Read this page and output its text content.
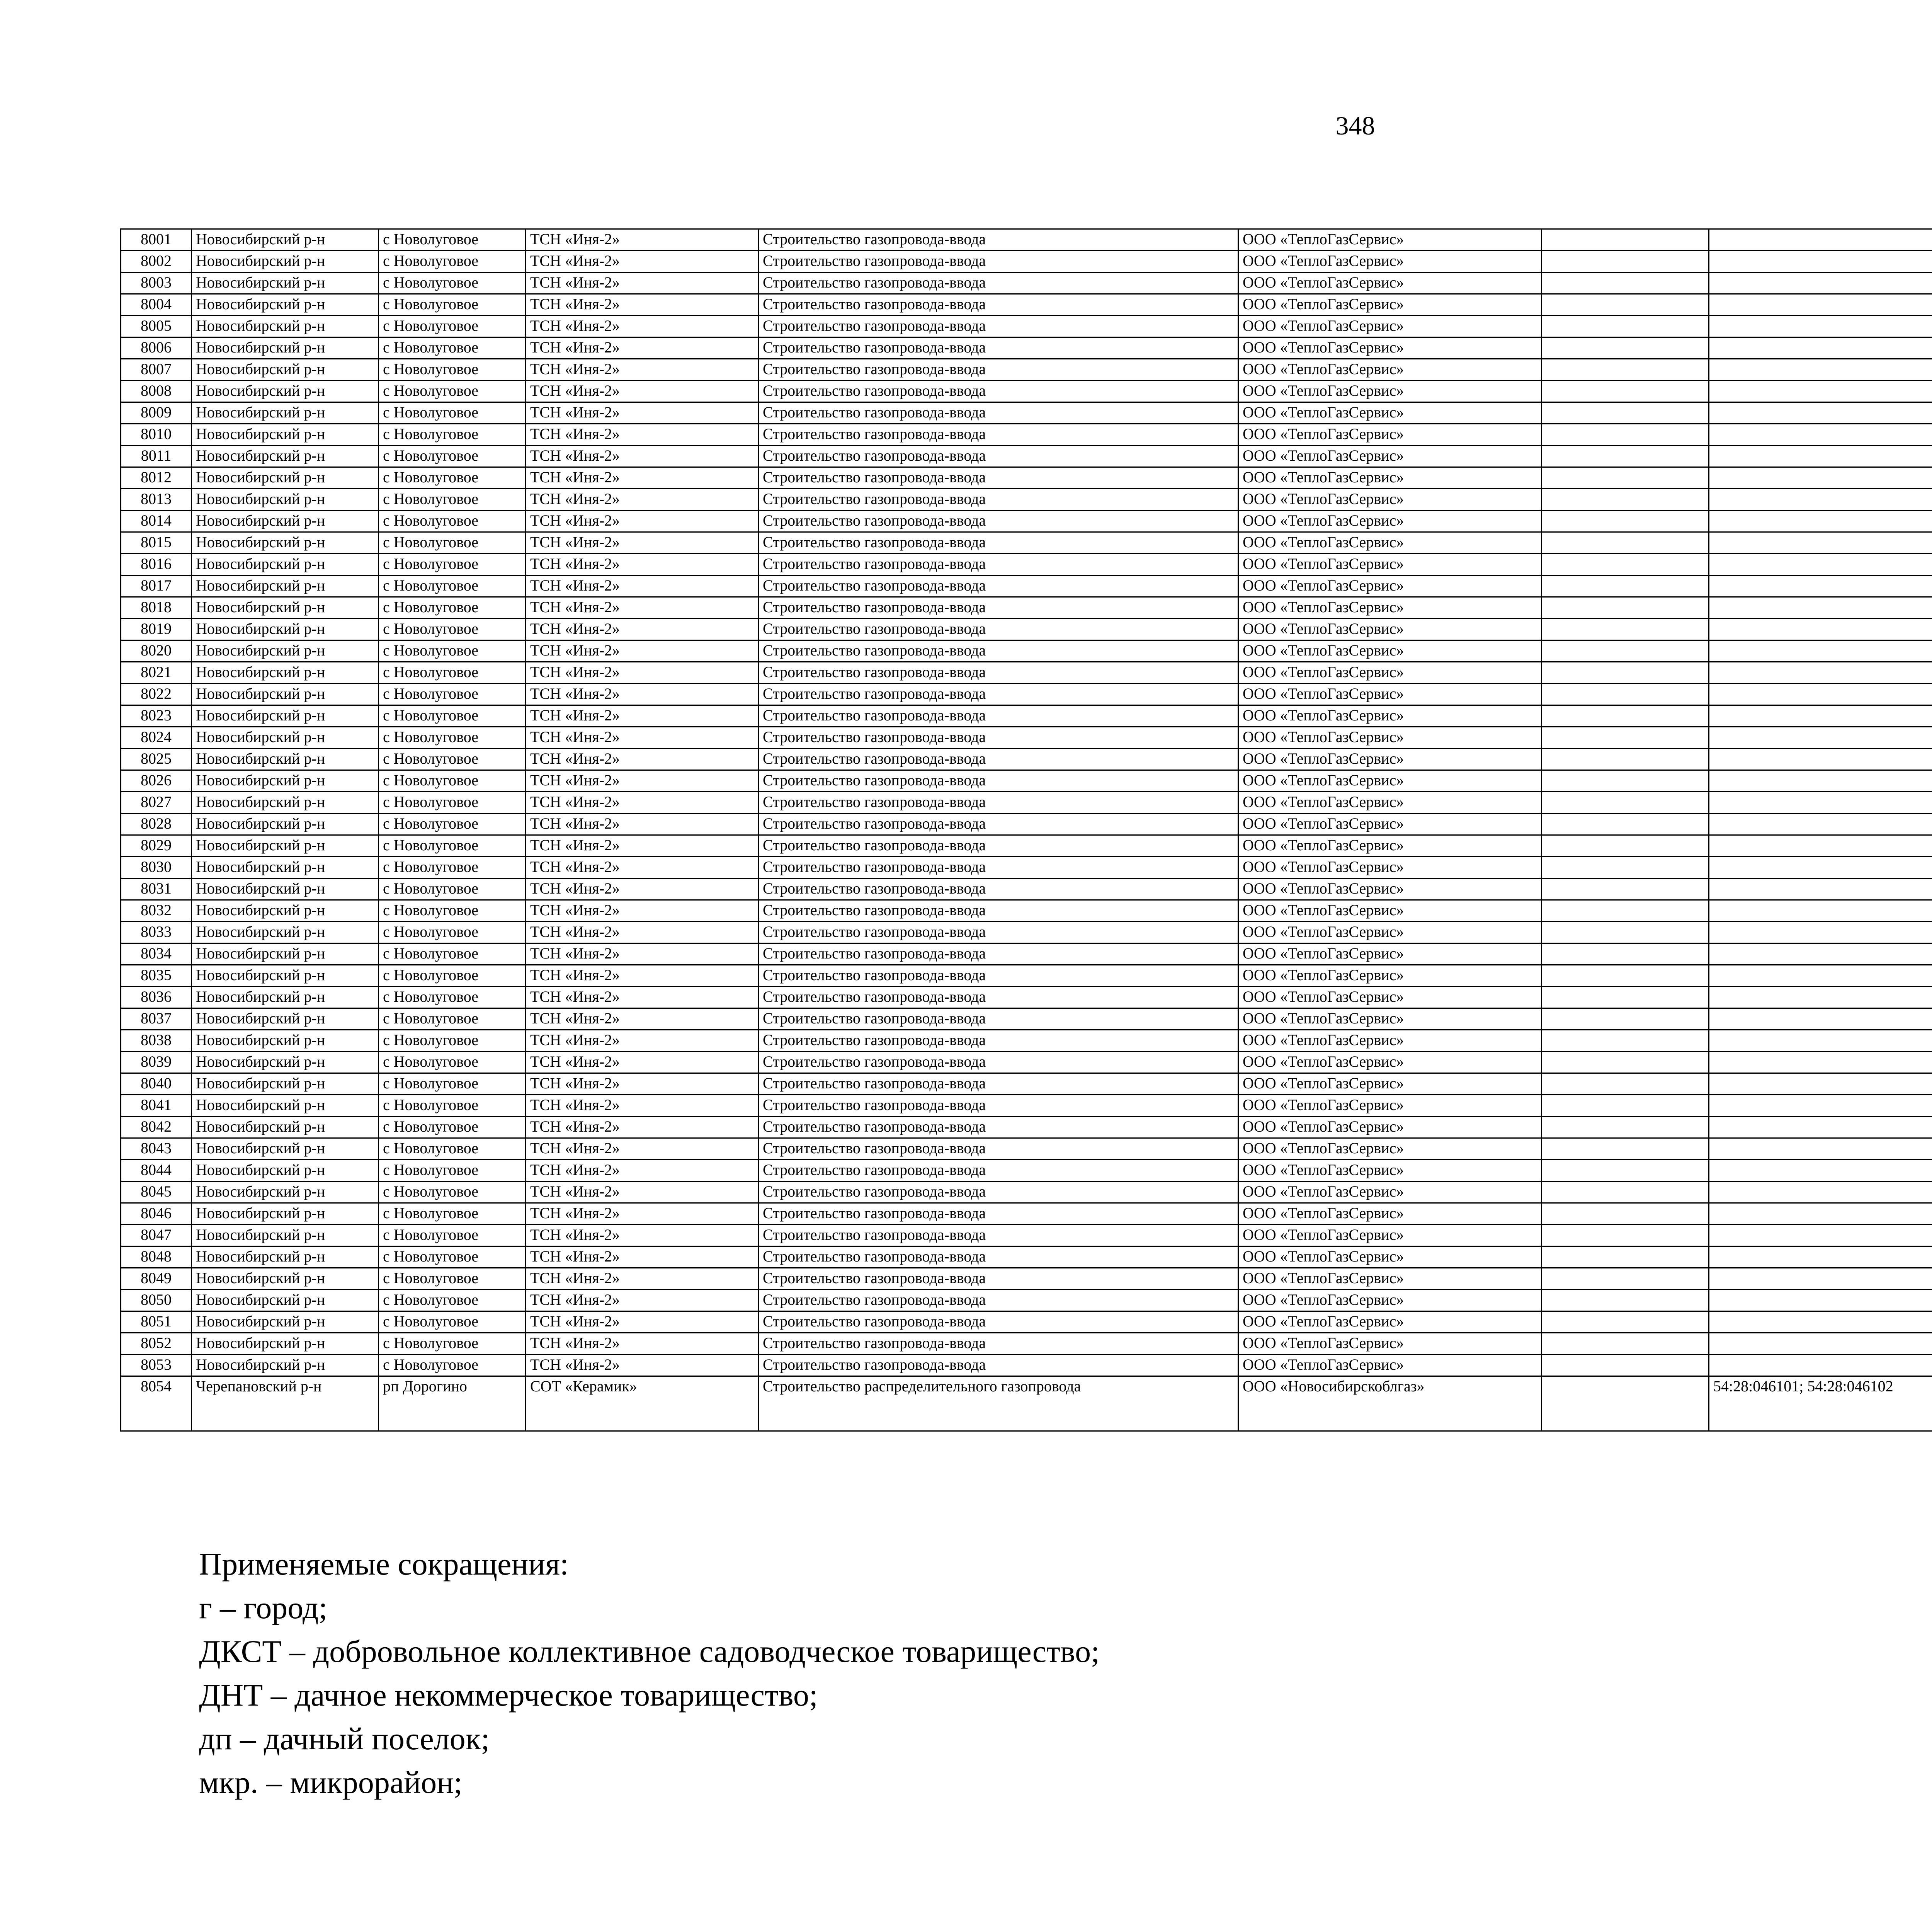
348
8001	Новосибирский р-н	с Новолуговое	ТСН «Иня-2»	Строительство газопровода-ввода	ООО «ТеплоГазСервис»							
8002	Новосибирский р-н	с Новолуговое	ТСН «Иня-2»	Строительство газопровода-ввода	ООО «ТеплоГазСервис»							
8003	Новосибирский р-н	с Новолуговое	ТСН «Иня-2»	Строительство газопровода-ввода	ООО «ТеплоГазСервис»							
8004	Новосибирский р-н	с Новолуговое	ТСН «Иня-2»	Строительство газопровода-ввода	ООО «ТеплоГазСервис»							
8005	Новосибирский р-н	с Новолуговое	ТСН «Иня-2»	Строительство газопровода-ввода	ООО «ТеплоГазСервис»							
8006	Новосибирский р-н	с Новолуговое	ТСН «Иня-2»	Строительство газопровода-ввода	ООО «ТеплоГазСервис»							
8007	Новосибирский р-н	с Новолуговое	ТСН «Иня-2»	Строительство газопровода-ввода	ООО «ТеплоГазСервис»							
8008	Новосибирский р-н	с Новолуговое	ТСН «Иня-2»	Строительство газопровода-ввода	ООО «ТеплоГазСервис»							
8009	Новосибирский р-н	с Новолуговое	ТСН «Иня-2»	Строительство газопровода-ввода	ООО «ТеплоГазСервис»							
8010	Новосибирский р-н	с Новолуговое	ТСН «Иня-2»	Строительство газопровода-ввода	ООО «ТеплоГазСервис»							
8011	Новосибирский р-н	с Новолуговое	ТСН «Иня-2»	Строительство газопровода-ввода	ООО «ТеплоГазСервис»							
8012	Новосибирский р-н	с Новолуговое	ТСН «Иня-2»	Строительство газопровода-ввода	ООО «ТеплоГазСервис»							
8013	Новосибирский р-н	с Новолуговое	ТСН «Иня-2»	Строительство газопровода-ввода	ООО «ТеплоГазСервис»							
8014	Новосибирский р-н	с Новолуговое	ТСН «Иня-2»	Строительство газопровода-ввода	ООО «ТеплоГазСервис»							
8015	Новосибирский р-н	с Новолуговое	ТСН «Иня-2»	Строительство газопровода-ввода	ООО «ТеплоГазСервис»							
8016	Новосибирский р-н	с Новолуговое	ТСН «Иня-2»	Строительство газопровода-ввода	ООО «ТеплоГазСервис»							
8017	Новосибирский р-н	с Новолуговое	ТСН «Иня-2»	Строительство газопровода-ввода	ООО «ТеплоГазСервис»							
8018	Новосибирский р-н	с Новолуговое	ТСН «Иня-2»	Строительство газопровода-ввода	ООО «ТеплоГазСервис»							
8019	Новосибирский р-н	с Новолуговое	ТСН «Иня-2»	Строительство газопровода-ввода	ООО «ТеплоГазСервис»							
8020	Новосибирский р-н	с Новолуговое	ТСН «Иня-2»	Строительство газопровода-ввода	ООО «ТеплоГазСервис»							
8021	Новосибирский р-н	с Новолуговое	ТСН «Иня-2»	Строительство газопровода-ввода	ООО «ТеплоГазСервис»							
8022	Новосибирский р-н	с Новолуговое	ТСН «Иня-2»	Строительство газопровода-ввода	ООО «ТеплоГазСервис»							
8023	Новосибирский р-н	с Новолуговое	ТСН «Иня-2»	Строительство газопровода-ввода	ООО «ТеплоГазСервис»							
8024	Новосибирский р-н	с Новолуговое	ТСН «Иня-2»	Строительство газопровода-ввода	ООО «ТеплоГазСервис»							
8025	Новосибирский р-н	с Новолуговое	ТСН «Иня-2»	Строительство газопровода-ввода	ООО «ТеплоГазСервис»							
8026	Новосибирский р-н	с Новолуговое	ТСН «Иня-2»	Строительство газопровода-ввода	ООО «ТеплоГазСервис»							
8027	Новосибирский р-н	с Новолуговое	ТСН «Иня-2»	Строительство газопровода-ввода	ООО «ТеплоГазСервис»							
8028	Новосибирский р-н	с Новолуговое	ТСН «Иня-2»	Строительство газопровода-ввода	ООО «ТеплоГазСервис»							
8029	Новосибирский р-н	с Новолуговое	ТСН «Иня-2»	Строительство газопровода-ввода	ООО «ТеплоГазСервис»							
8030	Новосибирский р-н	с Новолуговое	ТСН «Иня-2»	Строительство газопровода-ввода	ООО «ТеплоГазСервис»							
8031	Новосибирский р-н	с Новолуговое	ТСН «Иня-2»	Строительство газопровода-ввода	ООО «ТеплоГазСервис»							
8032	Новосибирский р-н	с Новолуговое	ТСН «Иня-2»	Строительство газопровода-ввода	ООО «ТеплоГазСервис»							
8033	Новосибирский р-н	с Новолуговое	ТСН «Иня-2»	Строительство газопровода-ввода	ООО «ТеплоГазСервис»							
8034	Новосибирский р-н	с Новолуговое	ТСН «Иня-2»	Строительство газопровода-ввода	ООО «ТеплоГазСервис»							
8035	Новосибирский р-н	с Новолуговое	ТСН «Иня-2»	Строительство газопровода-ввода	ООО «ТеплоГазСервис»							
8036	Новосибирский р-н	с Новолуговое	ТСН «Иня-2»	Строительство газопровода-ввода	ООО «ТеплоГазСервис»							
8037	Новосибирский р-н	с Новолуговое	ТСН «Иня-2»	Строительство газопровода-ввода	ООО «ТеплоГазСервис»							
8038	Новосибирский р-н	с Новолуговое	ТСН «Иня-2»	Строительство газопровода-ввода	ООО «ТеплоГазСервис»							
8039	Новосибирский р-н	с Новолуговое	ТСН «Иня-2»	Строительство газопровода-ввода	ООО «ТеплоГазСервис»							
8040	Новосибирский р-н	с Новолуговое	ТСН «Иня-2»	Строительство газопровода-ввода	ООО «ТеплоГазСервис»							
8041	Новосибирский р-н	с Новолуговое	ТСН «Иня-2»	Строительство газопровода-ввода	ООО «ТеплоГазСервис»							
8042	Новосибирский р-н	с Новолуговое	ТСН «Иня-2»	Строительство газопровода-ввода	ООО «ТеплоГазСервис»							
8043	Новосибирский р-н	с Новолуговое	ТСН «Иня-2»	Строительство газопровода-ввода	ООО «ТеплоГазСервис»							
8044	Новосибирский р-н	с Новолуговое	ТСН «Иня-2»	Строительство газопровода-ввода	ООО «ТеплоГазСервис»							
8045	Новосибирский р-н	с Новолуговое	ТСН «Иня-2»	Строительство газопровода-ввода	ООО «ТеплоГазСервис»							
8046	Новосибирский р-н	с Новолуговое	ТСН «Иня-2»	Строительство газопровода-ввода	ООО «ТеплоГазСервис»							
8047	Новосибирский р-н	с Новолуговое	ТСН «Иня-2»	Строительство газопровода-ввода	ООО «ТеплоГазСервис»							
8048	Новосибирский р-н	с Новолуговое	ТСН «Иня-2»	Строительство газопровода-ввода	ООО «ТеплоГазСервис»							
8049	Новосибирский р-н	с Новолуговое	ТСН «Иня-2»	Строительство газопровода-ввода	ООО «ТеплоГазСервис»							
8050	Новосибирский р-н	с Новолуговое	ТСН «Иня-2»	Строительство газопровода-ввода	ООО «ТеплоГазСервис»							
8051	Новосибирский р-н	с Новолуговое	ТСН «Иня-2»	Строительство газопровода-ввода	ООО «ТеплоГазСервис»							
8052	Новосибирский р-н	с Новолуговое	ТСН «Иня-2»	Строительство газопровода-ввода	ООО «ТеплоГазСервис»							
8053	Новосибирский р-н	с Новолуговое	ТСН «Иня-2»	Строительство газопровода-ввода	ООО «ТеплоГазСервис»							
8054	Черепановский р-н	рп Дорогино	СОТ «Керамик»	Строительство распределительного газопровода	ООО «Новосибирскоблгаз»		54:28:046101; 54:28:046102					
Применяемые сокращения:
г – город;
ДКСТ – добровольное коллективное садоводческое товарищество;
ДНТ – дачное некоммерческое товарищество;
дп – дачный поселок;
мкр. – микрорайон;
